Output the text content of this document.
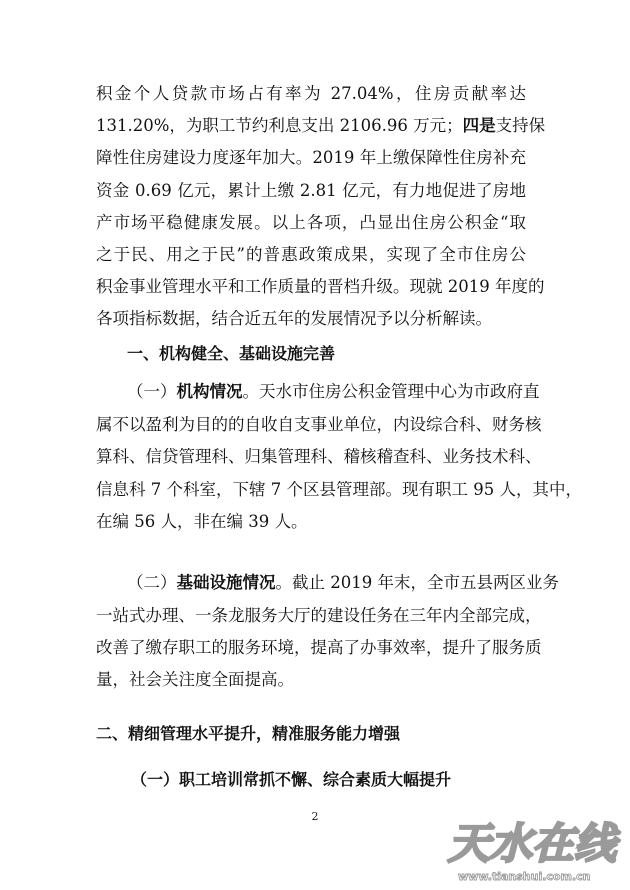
积金个人贷款市场占有率为 27.04%，住房贡献率达
131.20%，为职工节约利息支出 2106.96 万元；四是支持保
障性住房建设力度逐年加大。2019 年上缴保障性住房补充
资金 0.69 亿元，累计上缴 2.81 亿元，有力地促进了房地
产市场平稳健康发展。以上各项，凸显出住房公积金“取
之于民、用之于民”的普惠政策成果，实现了全市住房公
积金事业管理水平和工作质量的晋档升级。现就 2019 年度的
各项指标数据，结合近五年的发展情况予以分析解读。
一、机构健全、基础设施完善
（一）机构情况。天水市住房公积金管理中心为市政府直
属不以盈利为目的的自收自支事业单位，内设综合科、财务核
算科、信贷管理科、归集管理科、稽核稽查科、业务技术科、
信息科 7 个科室，下辖 7 个区县管理部。现有职工 95 人，其中，
在编 56 人，非在编 39 人。
（二）基础设施情况。截止 2019 年末，全市五县两区业务
一站式办理、一条龙服务大厅的建设任务在三年内全部完成，
改善了缴存职工的服务环境，提高了办事效率，提升了服务质
量，社会关注度全面提高。
二、精细管理水平提升，精准服务能力增强
（一）职工培训常抓不懈、综合素质大幅提升
2
天水在线
www.tianshui.com.cn
